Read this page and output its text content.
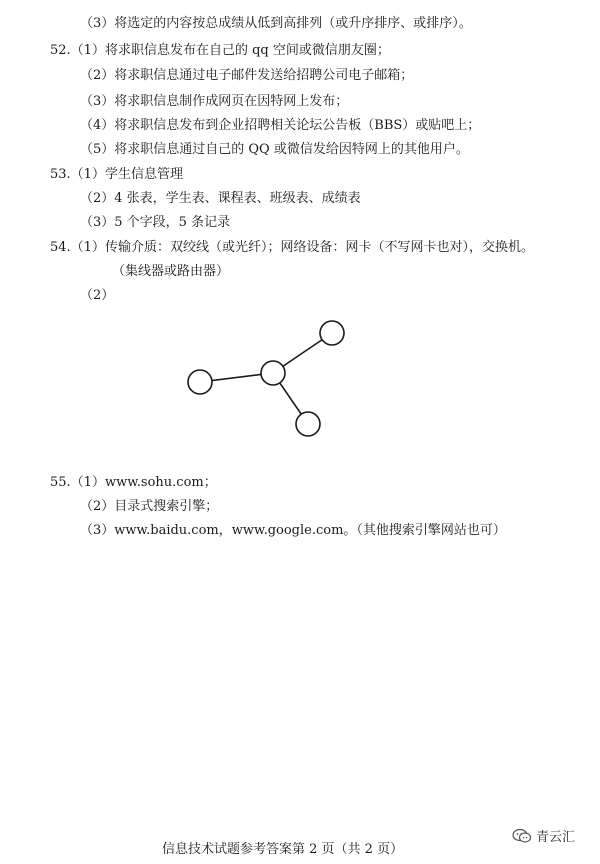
（3）将选定的内容按总成绩从低到高排列（或升序排序、或排序）。
52.（1）将求职信息发布在自己的 qq 空间或微信朋友圈；
（2）将求职信息通过电子邮件发送给招聘公司电子邮箱；
（3）将求职信息制作成网页在因特网上发布；
（4）将求职信息发布到企业招聘相关论坛公告板（BBS）或贴吧上；
（5）将求职信息通过自己的 QQ 或微信发给因特网上的其他用户。
53.（1）学生信息管理
（2）4 张表，学生表、课程表、班级表、成绩表
（3）5 个字段，5 条记录
54.（1）传输介质：双绞线（或光纤）；网络设备：网卡（不写网卡也对），交换机。
（集线器或路由器）
（2）
55.（1）www.sohu.com；
（2）目录式搜索引擎；
（3）www.baidu.com，www.google.com。（其他搜索引擎网站也可）
信息技术试题参考答案第 2 页（共 2 页）
青云汇
